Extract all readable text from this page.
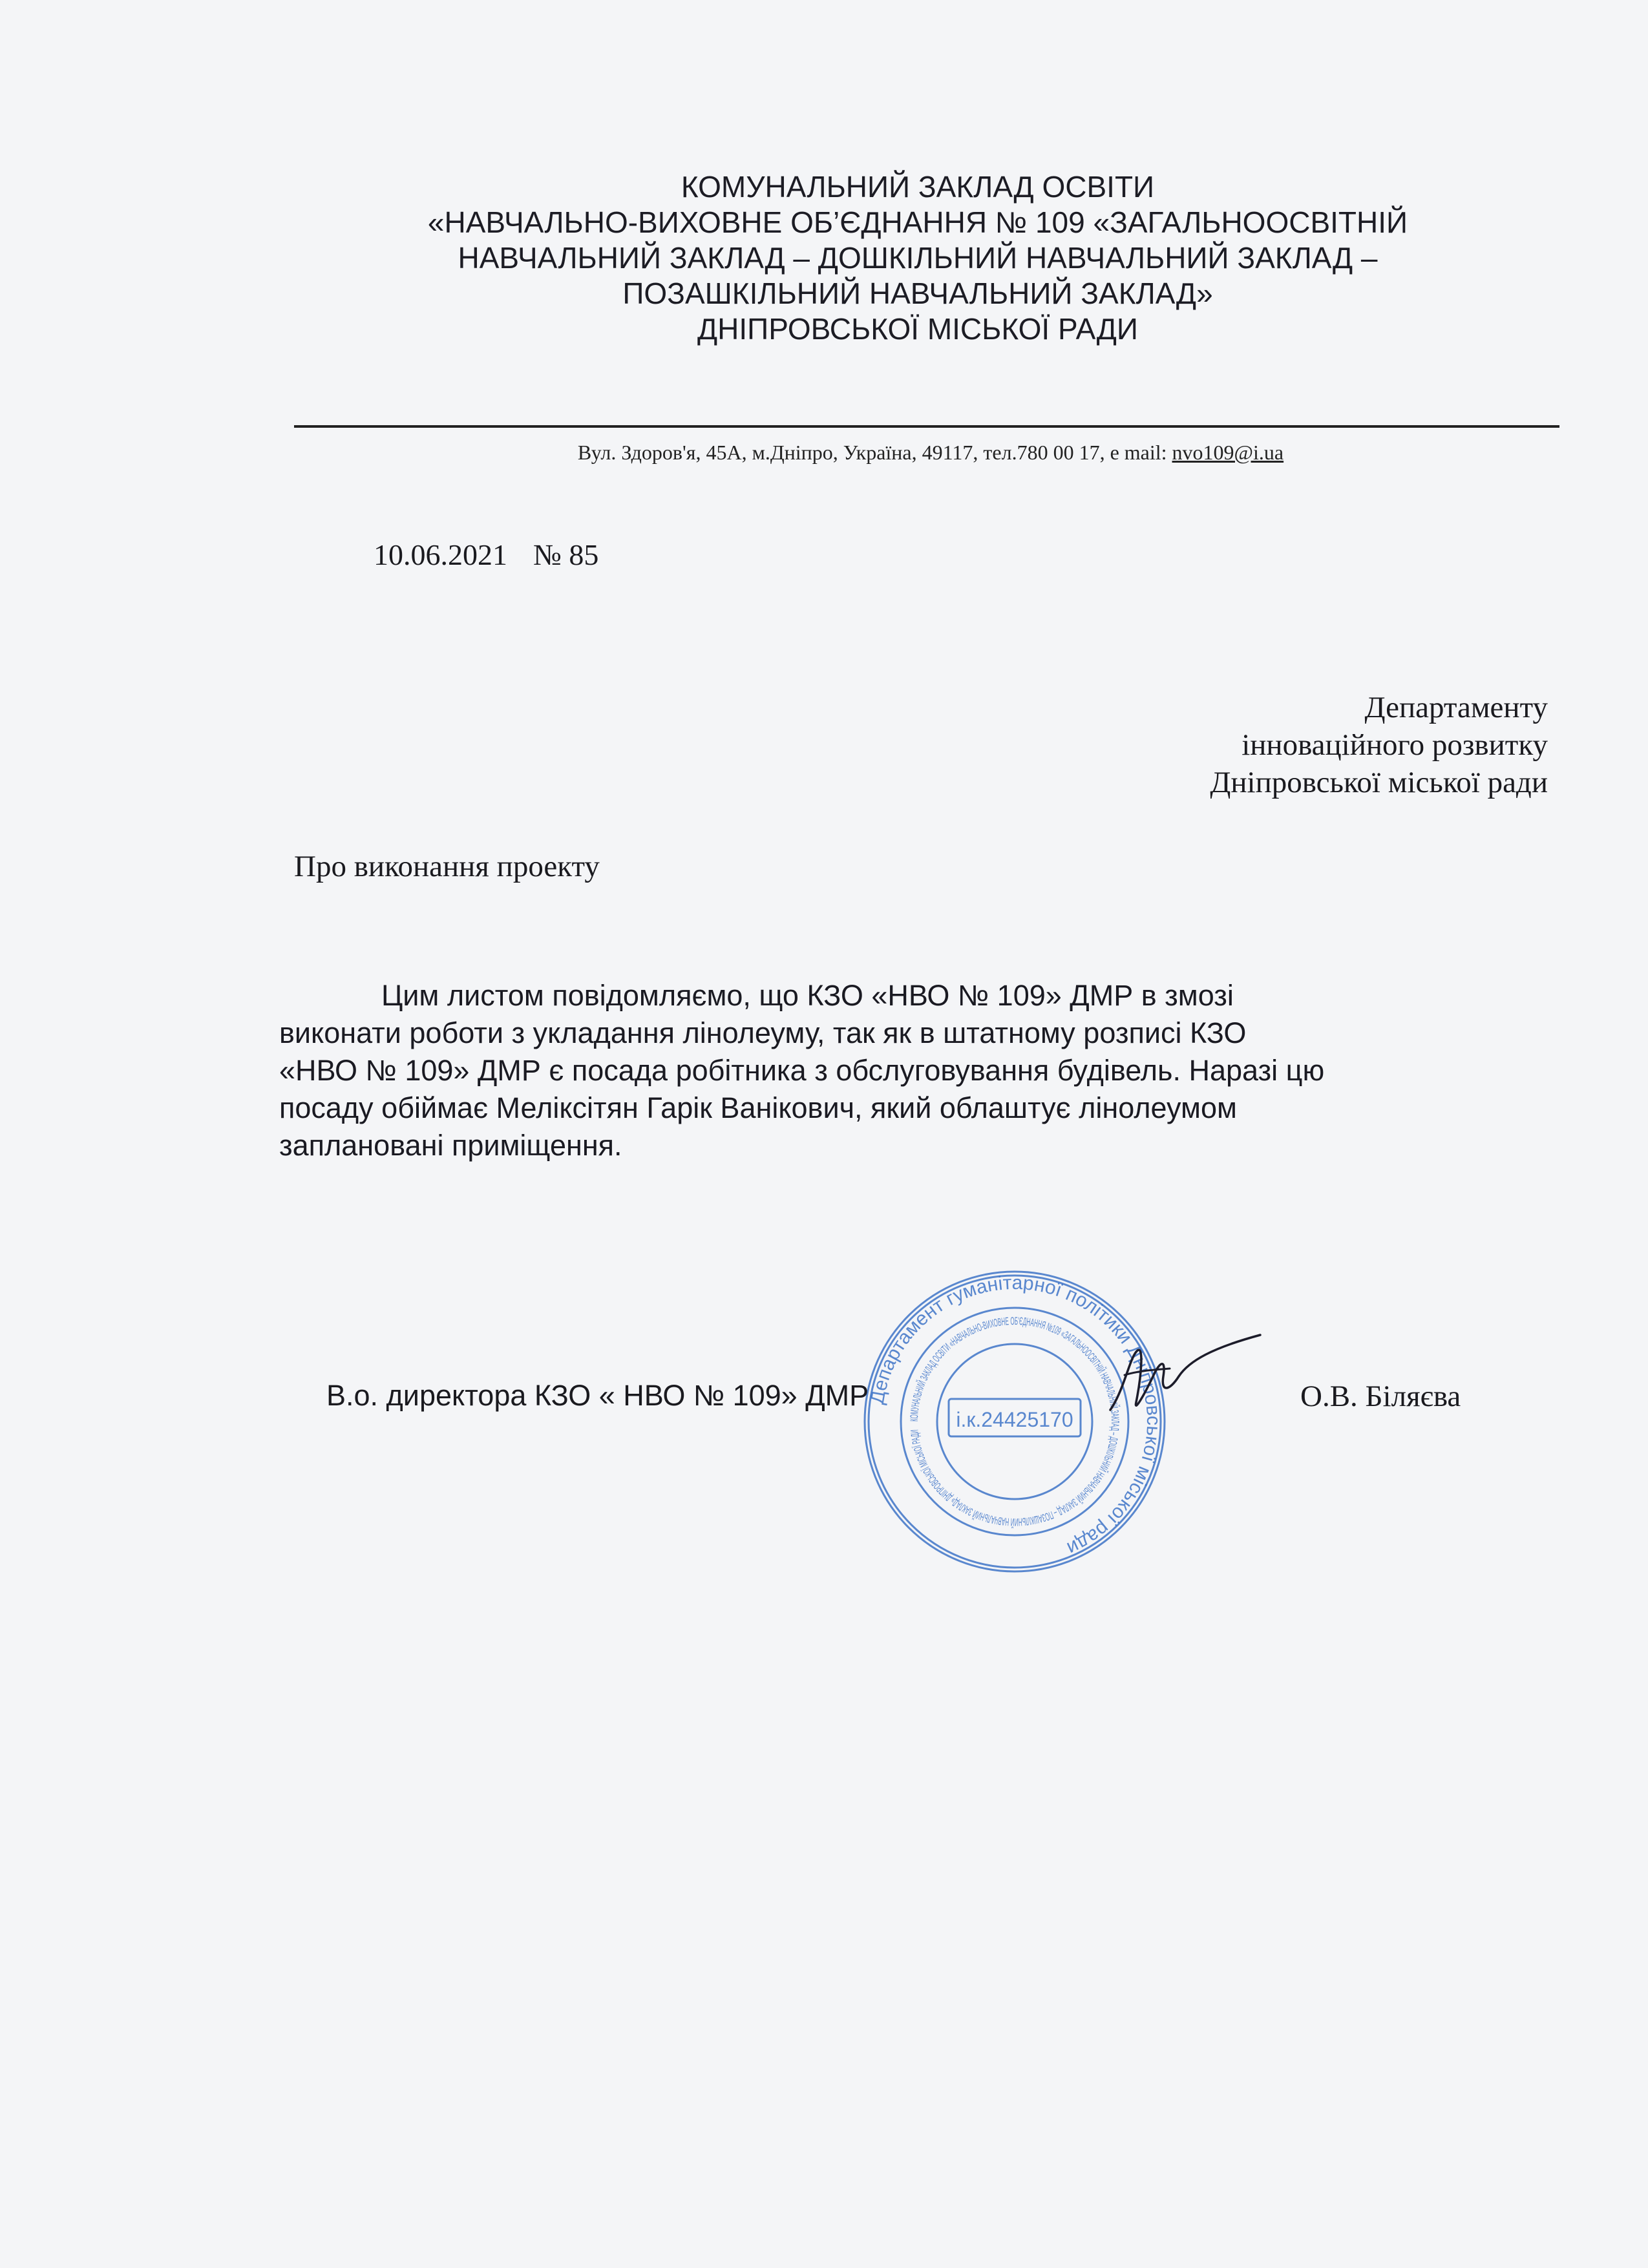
КОМУНАЛЬНИЙ ЗАКЛАД ОСВІТИ
«НАВЧАЛЬНО-ВИХОВНЕ ОБ’ЄДНАННЯ № 109 «ЗАГАЛЬНООСВІТНІЙ
НАВЧАЛЬНИЙ ЗАКЛАД – ДОШКІЛЬНИЙ НАВЧАЛЬНИЙ ЗАКЛАД –
ПОЗАШКІЛЬНИЙ НАВЧАЛЬНИЙ ЗАКЛАД»
ДНІПРОВСЬКОЇ МІСЬКОЇ РАДИ
Вул. Здоров'я, 45А, м.Дніпро, Україна, 49117, тел.780 00 17, e mail: nvo109@i.ua
10.06.2021 № 85
Департаменту
інноваційного розвитку
Дніпровської міської ради
Про виконання проекту
Цим листом повідомляємо, що КЗО «НВО № 109» ДМР в змозі
виконати роботи з укладання лінолеуму, так як в штатному розписі КЗО
«НВО № 109» ДМР є посада робітника з обслуговування будівель. Наразі цю
посаду обіймає Меліксітян Гарік Ванікович, який облаштує лінолеумом
заплановані приміщення.
Департамент гуманітарної політики Дніпровської міської ради
КОМУНАЛЬНИЙ ЗАКЛАД ОСВІТИ «НАВЧАЛЬНО-ВИХОВНЕ ОБ'ЄДНАННЯ №109 «ЗАГАЛЬНООСВІТНІЙ НАВЧАЛЬНИЙ ЗАКЛАД – ДОШКІЛЬНИЙ НАВЧАЛЬНИЙ ЗАКЛАД – ПОЗАШКІЛЬНИЙ НАВЧАЛЬНИЙ ЗАКЛАД» ДНІПРОВСЬКОЇ МІСЬКОЇ РАДИ	і.к.24425170
В.о. директора КЗО « НВО № 109» ДМР	О.В. Біляєва
